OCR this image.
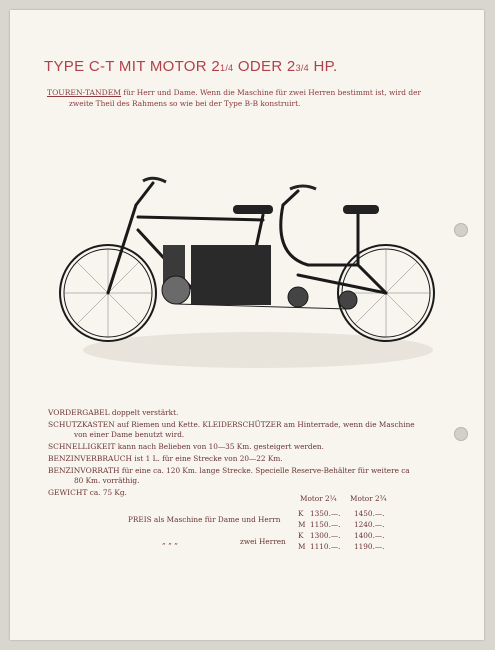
TYPE C-T MIT MOTOR 21/4 ODER 23/4 HP.
TOUREN-TANDEM für Herr und Dame. Wenn die Maschine für zwei Herren bestimmt ist, wird der
zweite Theil des Rahmens so wie bei der Type B-B konstruirt.
VORDERGABEL doppelt verstärkt.
SCHUTZKASTEN auf Riemen und Kette. KLEIDERSCHÜTZER am Hinterrade, wenn die Maschine
von einer Dame benutzt wird.
SCHNELLIGKEIT kann nach Belieben von 10—35 Km. gesteigert werden.
BENZINVERBRAUCH ist 1 L. für eine Strecke von 20—22 Km.
BENZINVORRATH für eine ca. 120 Km. lange Strecke. Specielle Reserve-Behälter für weitere ca
80 Km. vorräthig.
GEWICHT ca. 75 Kg.
Motor 2¼ Motor 2¾
PREIS als Maschine für Dame und Herrn
K 1350.—. 1450.—.
M 1150.—. 1240.—.
„ „ „	zwei Herren
K 1300.—. 1400.—.
M 1110.—. 1190.—.
